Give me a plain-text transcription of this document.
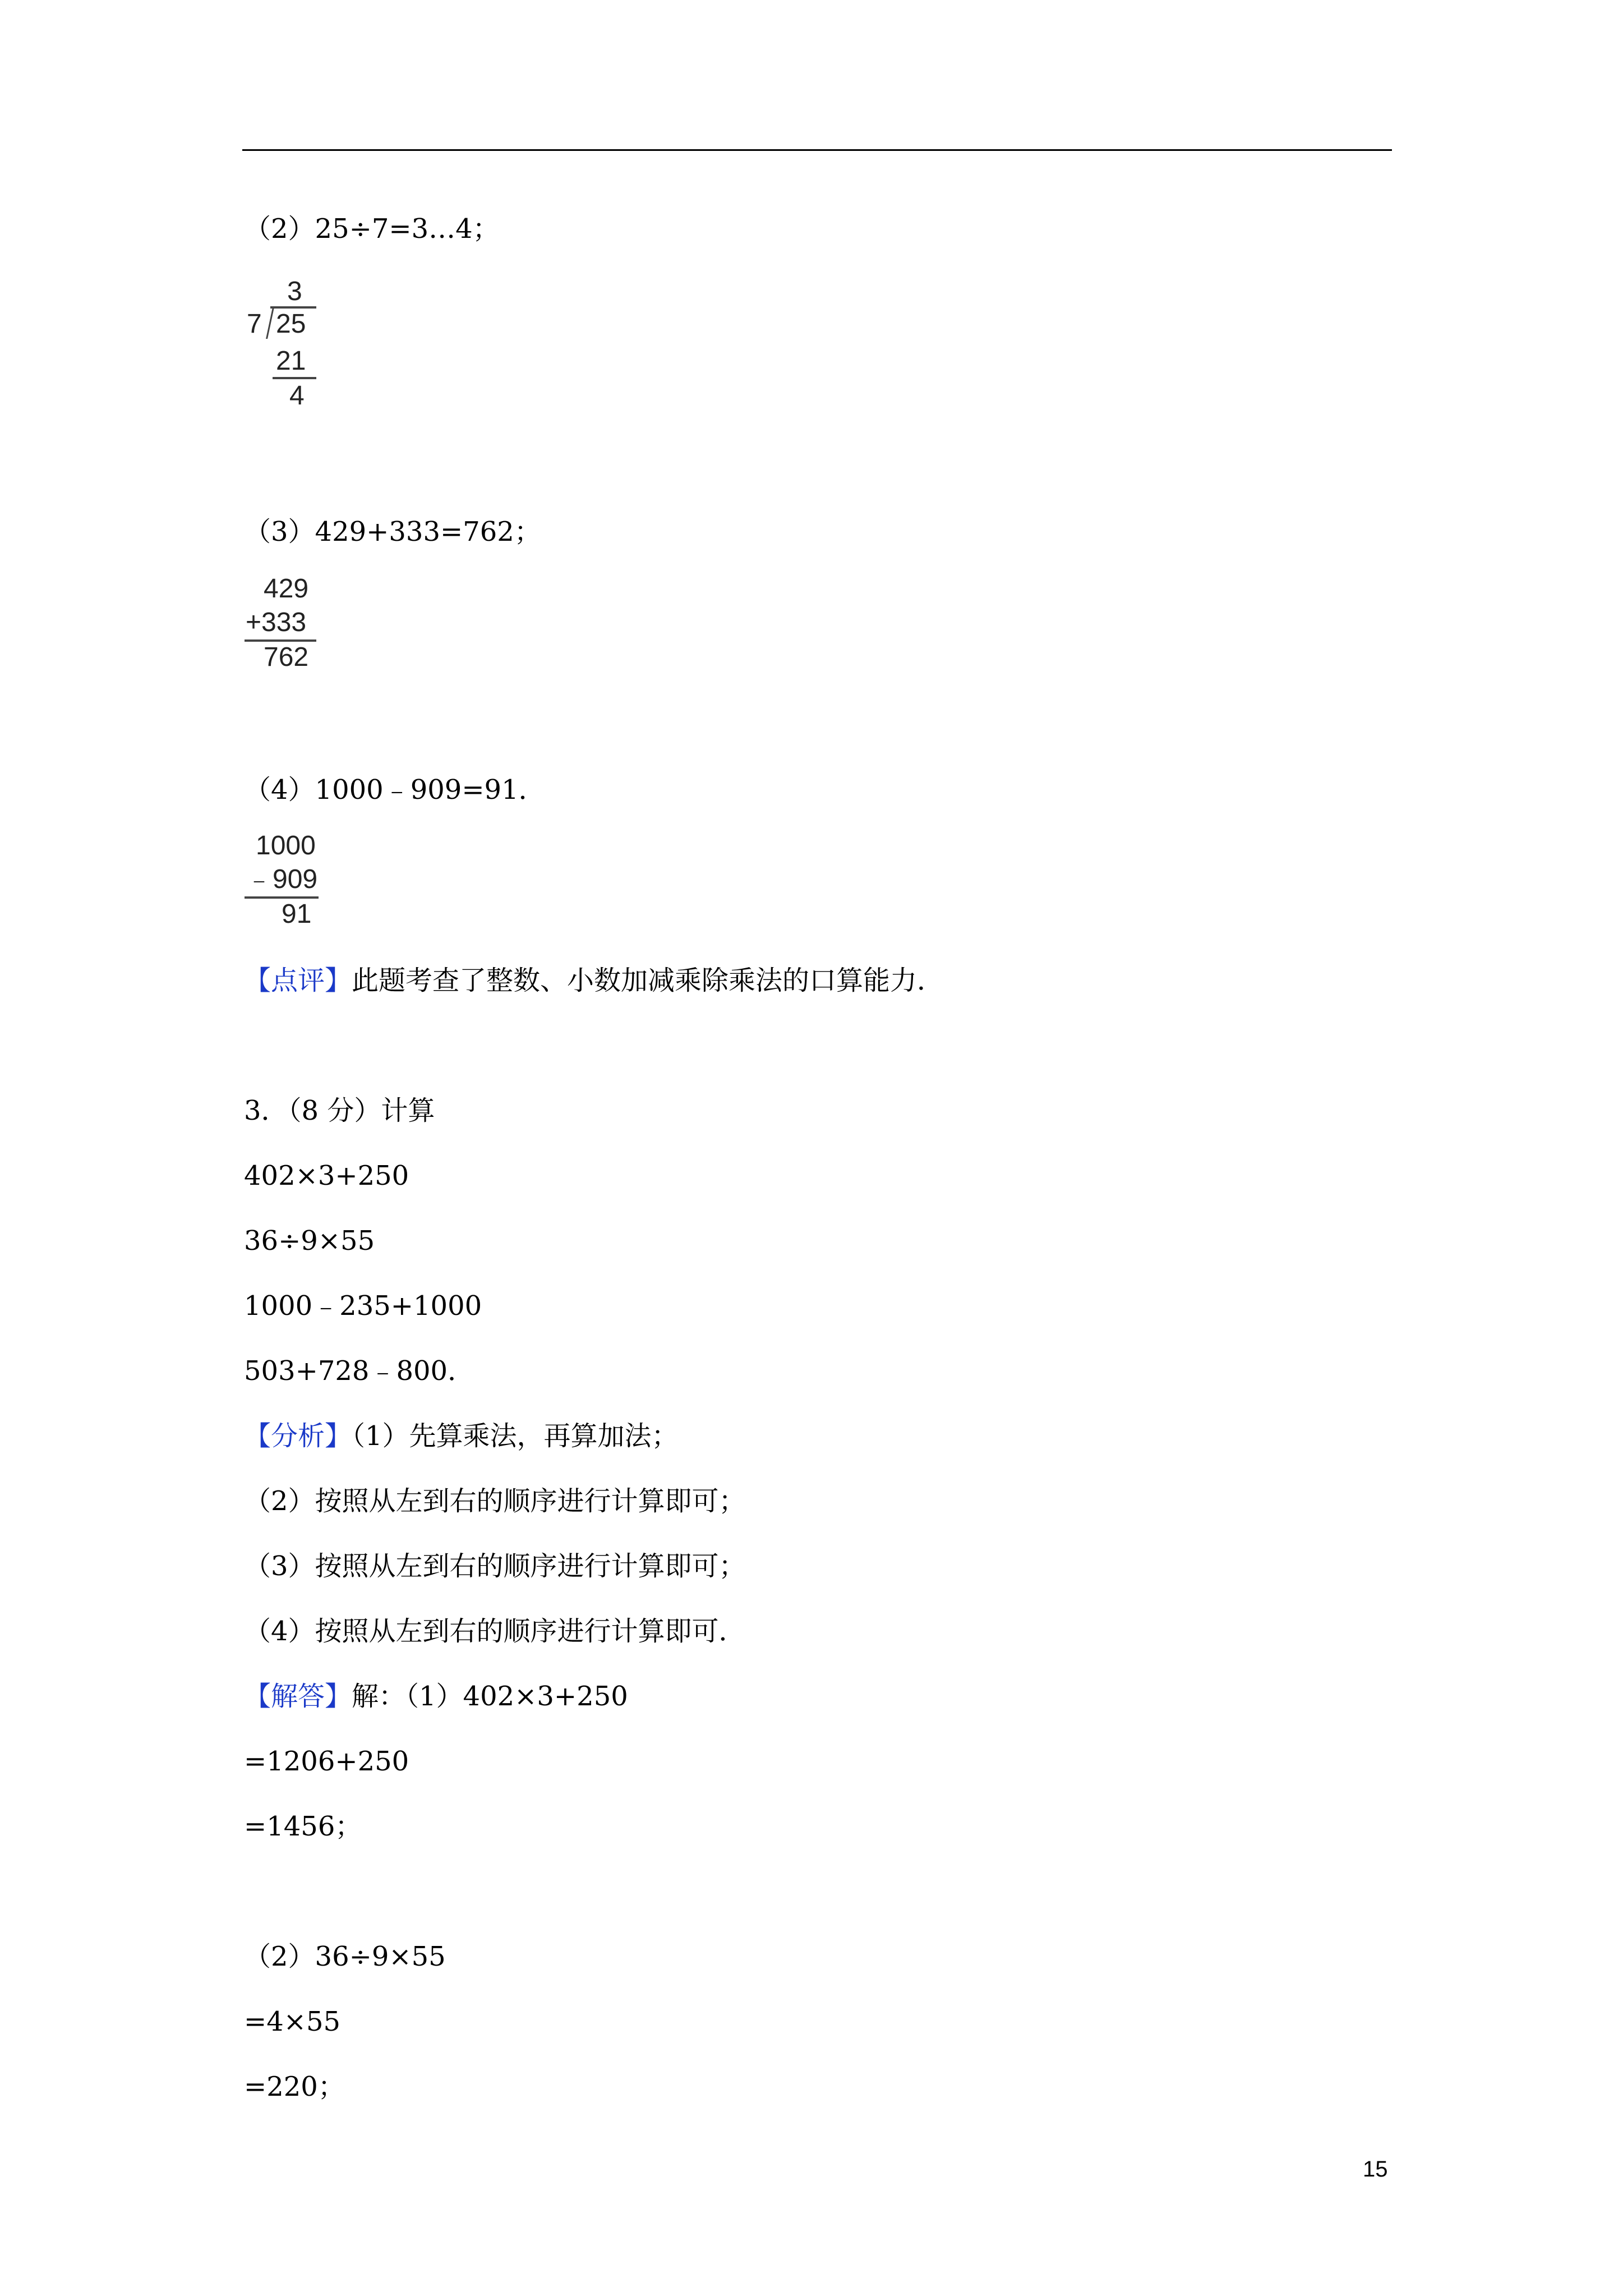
（2）25÷7=3…4；
3
7 25
21
4
（3）429+333=762；
429
+333
762
（4）1000﹣909=91．
1000
﹣909
91
【点评】此题考查了整数、小数加减乘除乘法的口算能力．
3．（8 分）计算
402×3+250
36÷9×55
1000﹣235+1000
503+728﹣800．
【分析】（1）先算乘法，再算加法；
（2）按照从左到右的顺序进行计算即可；
（3）按照从左到右的顺序进行计算即可；
（4）按照从左到右的顺序进行计算即可．
【解答】解：（1）402×3+250
=1206+250
=1456；
（2）36÷9×55
=4×55
=220；
15
